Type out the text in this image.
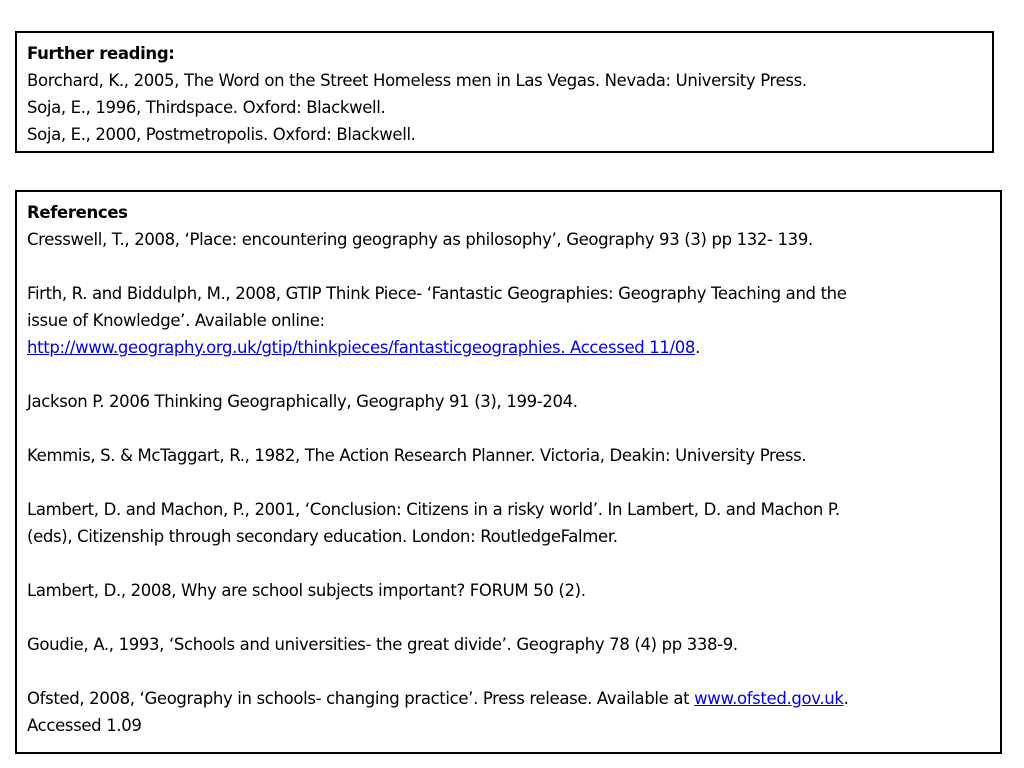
Further reading:
Borchard, K., 2005, The Word on the Street Homeless men in Las Vegas. Nevada: University Press.
Soja, E., 1996, Thirdspace. Oxford: Blackwell.
Soja, E., 2000, Postmetropolis. Oxford: Blackwell.
References
Cresswell, T., 2008, ‘Place: encountering geography as philosophy’, Geography 93 (3) pp 132- 139.
Firth, R. and Biddulph, M., 2008, GTIP Think Piece- ‘Fantastic Geographies: Geography Teaching and the
issue of Knowledge’. Available online:
http://www.geography.org.uk/gtip/thinkpieces/fantasticgeographies. Accessed 11/08.
Jackson P. 2006 Thinking Geographically, Geography 91 (3), 199-204.
Kemmis, S. & McTaggart, R., 1982, The Action Research Planner. Victoria, Deakin: University Press.
Lambert, D. and Machon, P., 2001, ‘Conclusion: Citizens in a risky world’. In Lambert, D. and Machon P.
(eds), Citizenship through secondary education. London: RoutledgeFalmer.
Lambert, D., 2008, Why are school subjects important? FORUM 50 (2).
Goudie, A., 1993, ‘Schools and universities- the great divide’. Geography 78 (4) pp 338-9.
Ofsted, 2008, ‘Geography in schools- changing practice’. Press release. Available at www.ofsted.gov.uk.
Accessed 1.09
